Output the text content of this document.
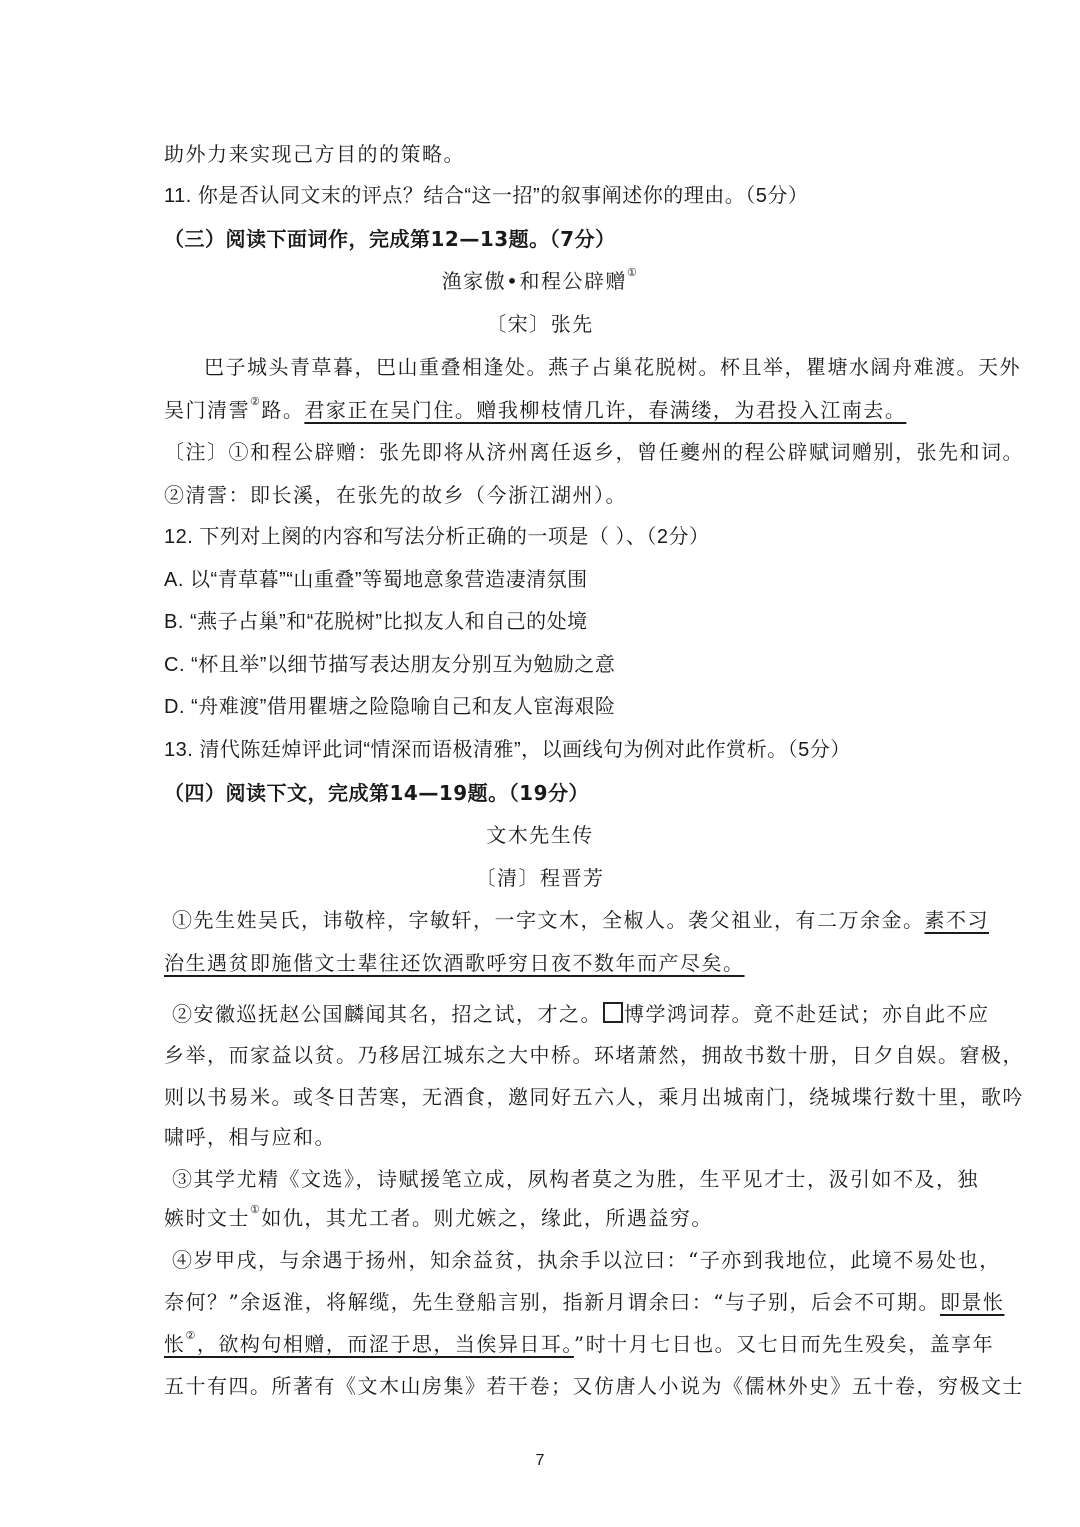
助外力来实现己方目的的策略。
11. 你是否认同文末的评点？结合“这一招”的叙事阐述你的理由。（5分）
（三）阅读下面词作，完成第12—13题。（7分）
渔家傲•和程公辟赠①
〔宋〕张先
巴子城头青草暮，巴山重叠相逢处。燕子占巢花脱树。杯且举，瞿塘水阔舟难渡。天外
吴门清霅②路。君家正在吴门住。赠我柳枝情几许，春满缕，为君投入江南去。
〔注〕①和程公辟赠：张先即将从济州离任返乡，曾任夔州的程公辟赋词赠别，张先和词。
②清霅：即长溪，在张先的故乡（今浙江湖州）。
12. 下列对上阕的内容和写法分析正确的一项是（ ）、（2分）
A. 以“青草暮”“山重叠”等蜀地意象营造凄清氛围
B. “燕子占巢”和“花脱树”比拟友人和自己的处境
C. “杯且举”以细节描写表达朋友分别互为勉励之意
D. “舟难渡”借用瞿塘之险隐喻自己和友人宦海艰险
13. 清代陈廷焯评此词“情深而语极清雅”，以画线句为例对此作赏析。（5分）
（四）阅读下文，完成第14—19题。（19分）
文木先生传
〔清〕程晋芳
①先生姓吴氏，讳敬梓，字敏轩，一字文木，全椒人。袭父祖业，有二万余金。素不习
治生遇贫即施偕文士辈往还饮酒歌呼穷日夜不数年而产尽矣。
②安徽巡抚赵公国麟闻其名，招之试，才之。 博学鸿词荐。竟不赴廷试；亦自此不应
乡举，而家益以贫。乃移居江城东之大中桥。环堵萧然，拥故书数十册，日夕自娱。窘极，
则以书易米。或冬日苦寒，无酒食，邀同好五六人，乘月出城南门，绕城堞行数十里，歌吟
啸呼，相与应和。
③其学尤精《文选》，诗赋援笔立成，夙构者莫之为胜，生平见才士，汲引如不及，独
嫉时文士①如仇，其尤工者。则尤嫉之，缘此，所遇益穷。
④岁甲戌，与余遇于扬州，知余益贫，执余手以泣曰：“子亦到我地位，此境不易处也，
奈何？”余返淮，将解缆，先生登船言别，指新月谓余曰：“与子别，后会不可期。即景怅
怅②，欲构句相赠，而涩于思，当俟异日耳。”时十月七日也。又七日而先生殁矣，盖享年
五十有四。所著有《文木山房集》若干卷；又仿唐人小说为《儒林外史》五十卷，穷极文士
7
